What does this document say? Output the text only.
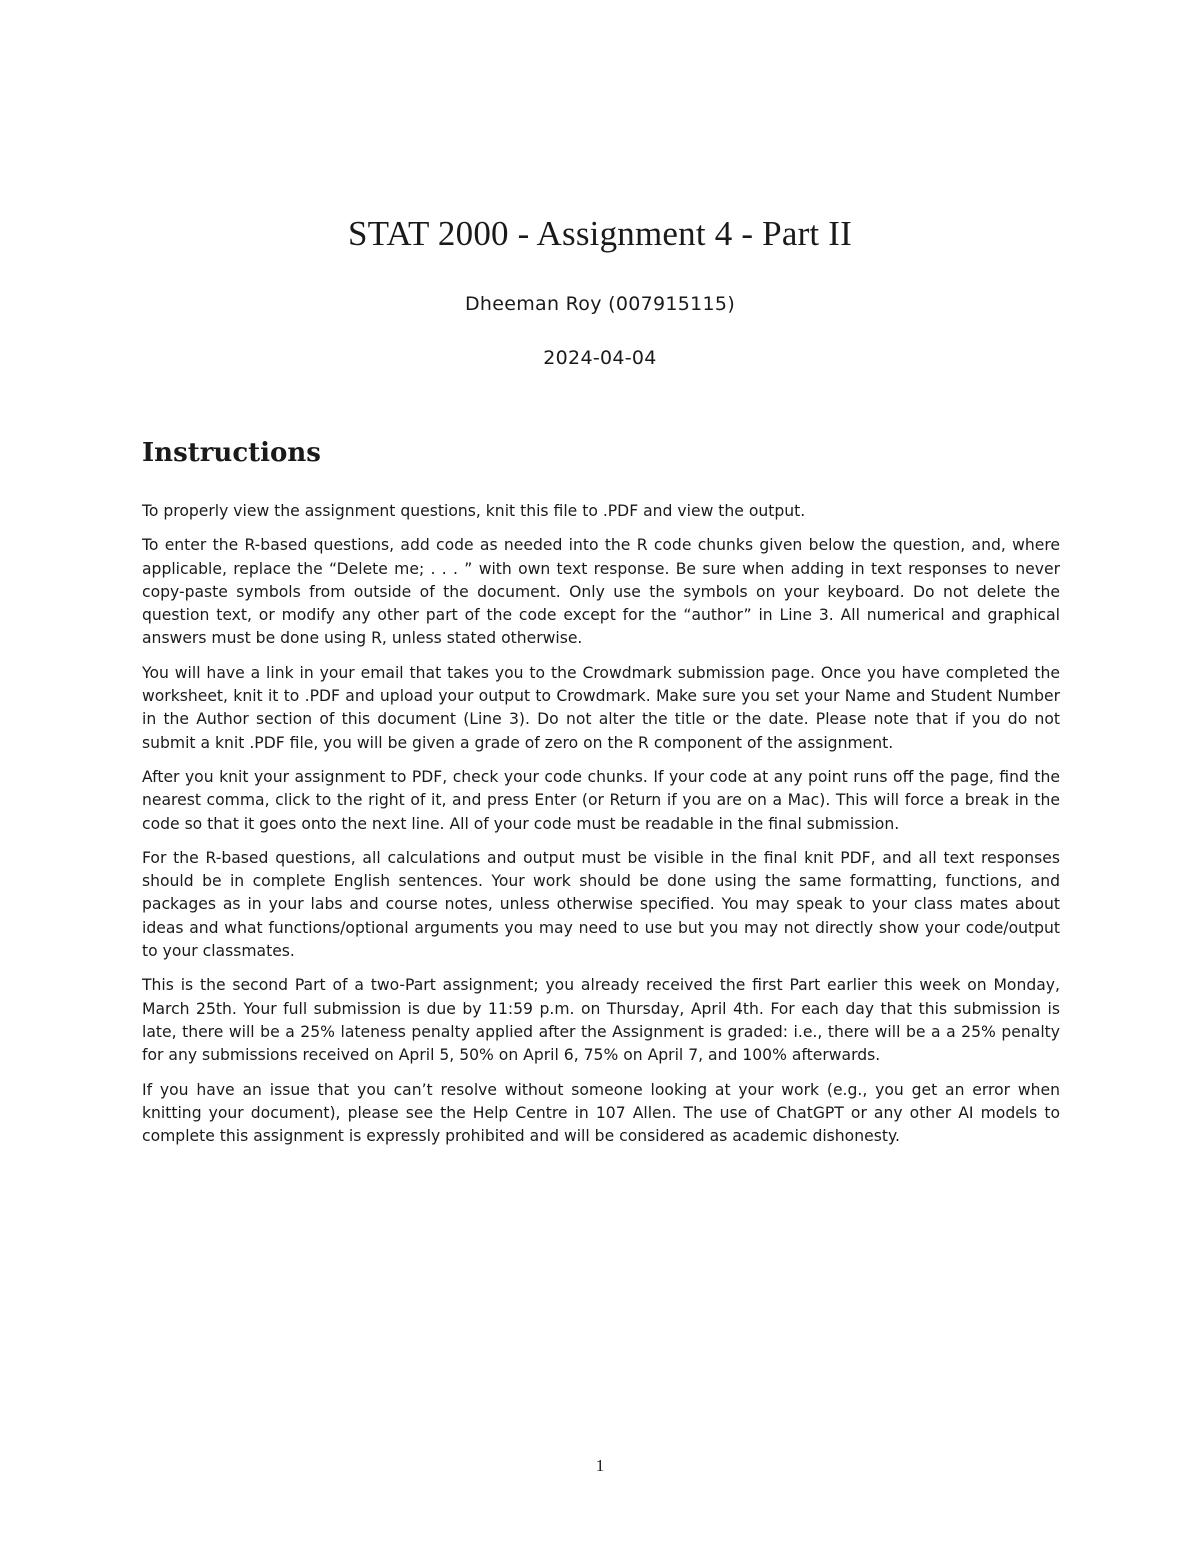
STAT 2000 - Assignment 4 - Part II
Dheeman Roy (007915115)
2024-04-04
Instructions

To properly view the assignment questions, knit this file to .PDF and view the output.

To enter the R-based questions, add code as needed into the R code chunks given below the question, and, where applicable, replace the “Delete me; . . . ” with own text response. Be sure when adding in text responses to never copy-paste symbols from outside of the document. Only use the symbols on your keyboard. Do not delete the question text, or modify any other part of the code except for the “author” in Line 3. All numerical and graphical answers must be done using R, unless stated otherwise.

You will have a link in your email that takes you to the Crowdmark submission page. Once you have completed the worksheet, knit it to .PDF and upload your output to Crowdmark. Make sure you set your Name and Student Number in the Author section of this document (Line 3). Do not alter the title or the date. Please note that if you do not submit a knit .PDF file, you will be given a grade of zero on the R component of the assignment.

After you knit your assignment to PDF, check your code chunks. If your code at any point runs off the page, find the nearest comma, click to the right of it, and press Enter (or Return if you are on a Mac). This will force a break in the code so that it goes onto the next line. All of your code must be readable in the final submission.

For the R-based questions, all calculations and output must be visible in the final knit PDF, and all text responses should be in complete English sentences. Your work should be done using the same formatting, functions, and packages as in your labs and course notes, unless otherwise specified. You may speak to your class mates about ideas and what functions/optional arguments you may need to use but you may not directly show your code/output to your classmates.

This is the second Part of a two-Part assignment; you already received the first Part earlier this week on Monday, March 25th. Your full submission is due by 11:59 p.m. on Thursday, April 4th. For each day that this submission is late, there will be a 25% lateness penalty applied after the Assignment is graded: i.e., there will be a a 25% penalty for any submissions received on April 5, 50% on April 6, 75% on April 7, and 100% afterwards.

If you have an issue that you can’t resolve without someone looking at your work (e.g., you get an error when knitting your document), please see the Help Centre in 107 Allen. The use of ChatGPT or any other AI models to complete this assignment is expressly prohibited and will be considered as academic dishonesty.

1
